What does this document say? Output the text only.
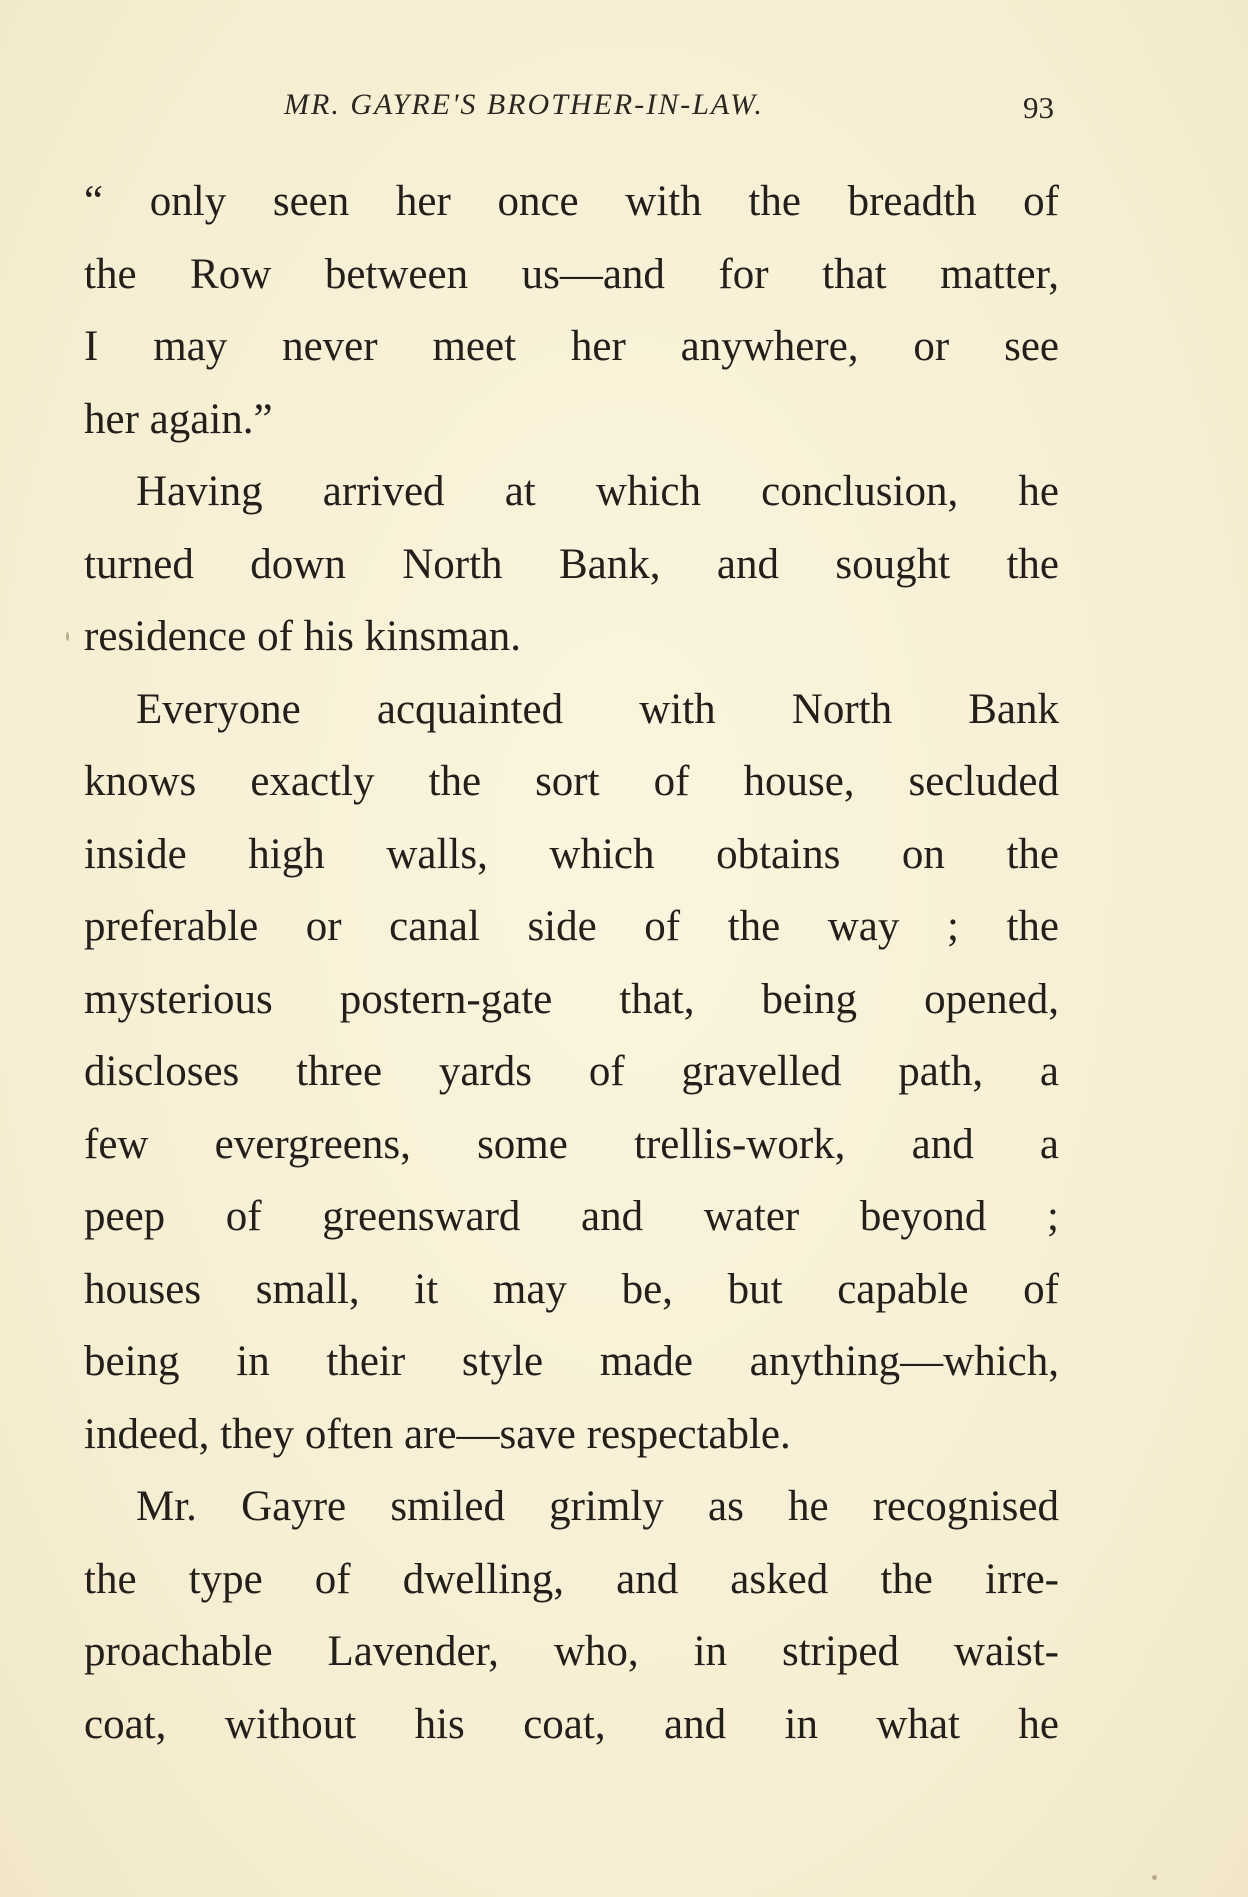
MR. GAYRE'S BROTHER-IN-LAW.	93

“ only seen her once with the breadth of
the Row between us—and for that matter,
I may never meet her anywhere, or see
her again.”

Having arrived at which conclusion, he
turned down North Bank, and sought the
residence of his kinsman.

Everyone acquainted with North Bank
knows exactly the sort of house, secluded
inside high walls, which obtains on the
preferable or canal side of the way ; the
mysterious postern-gate that, being opened,
discloses three yards of gravelled path, a
few evergreens, some trellis-work, and a
peep of greensward and water beyond ;
houses small, it may be, but capable of
being in their style made anything—which,
indeed, they often are—save respectable.

Mr. Gayre smiled grimly as he recognised
the type of dwelling, and asked the irre-
proachable Lavender, who, in striped waist-
coat, without his coat, and in what he
